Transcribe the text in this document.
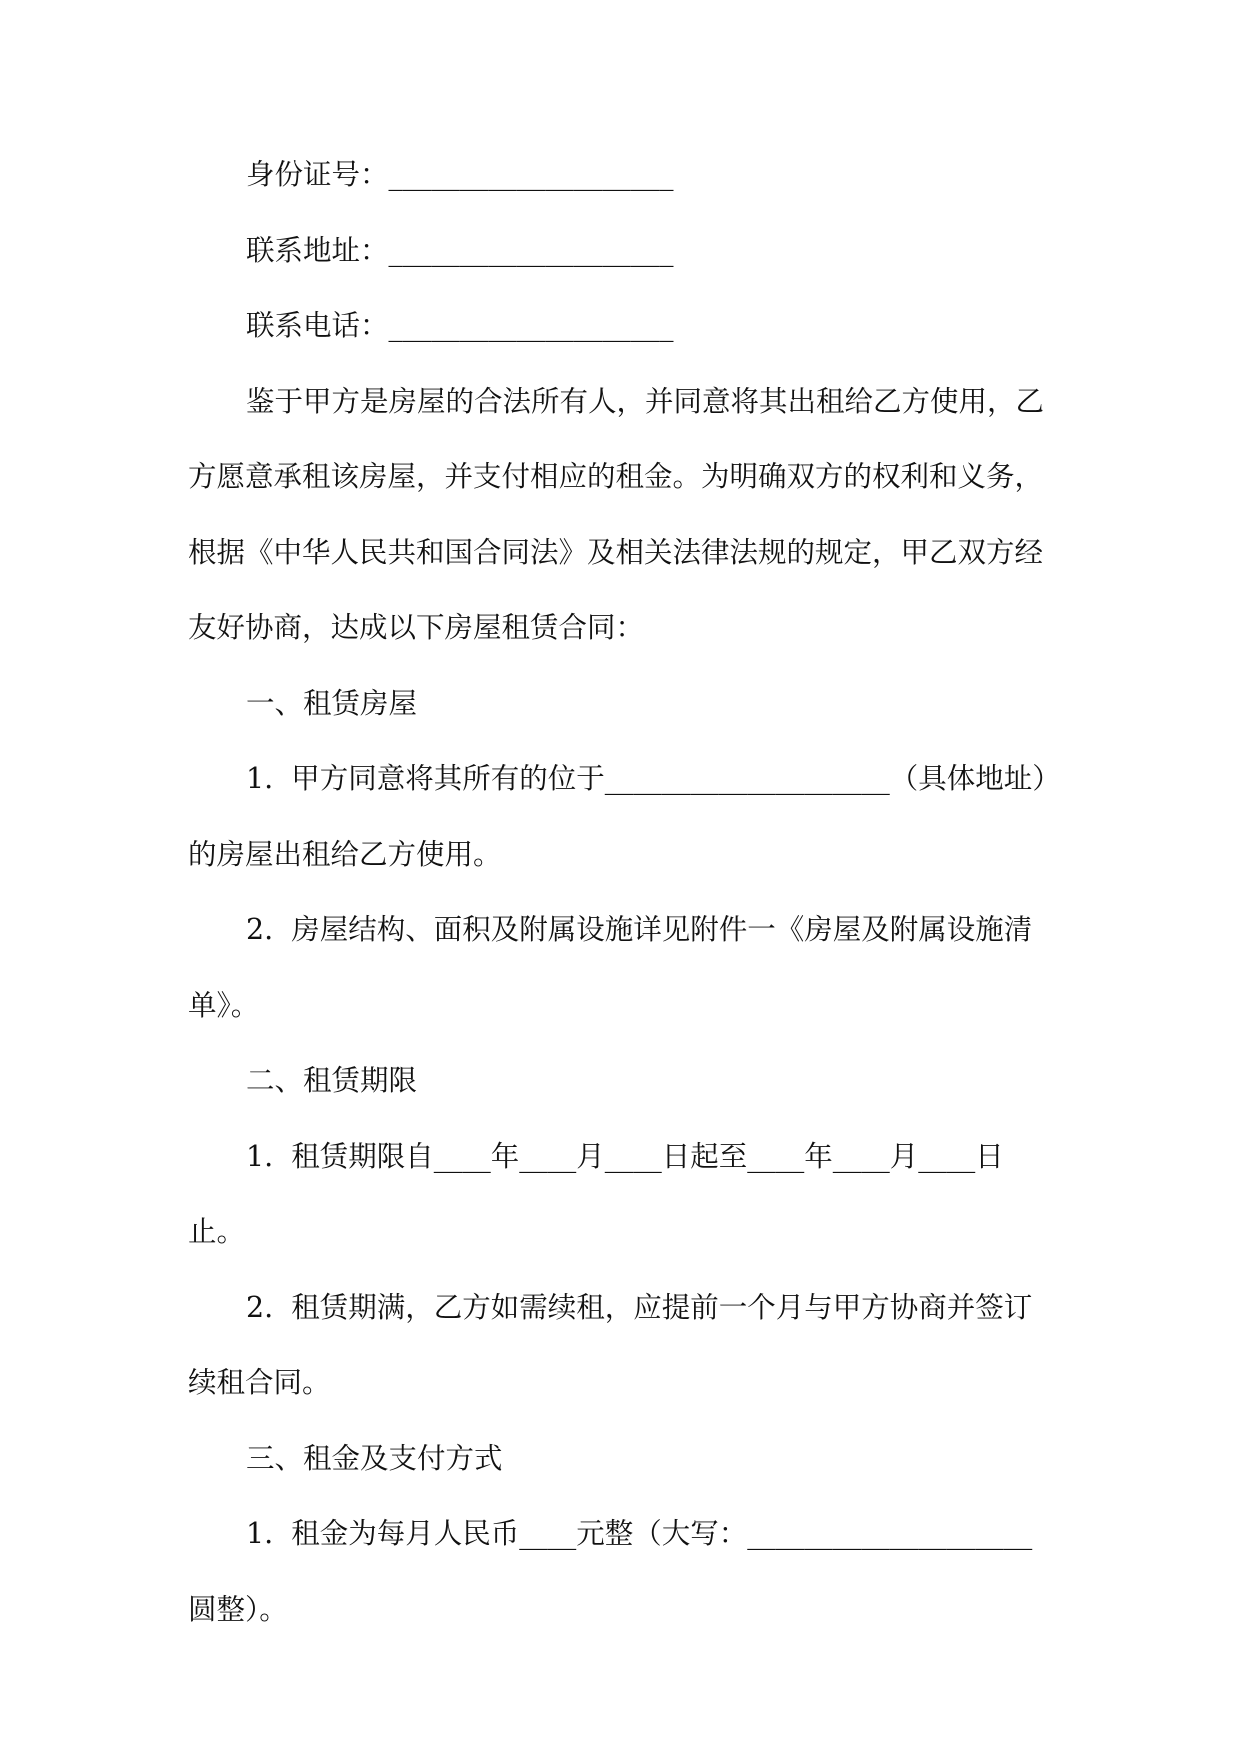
身份证号：____________________

联系地址：____________________

联系电话：____________________

鉴于甲方是房屋的合法所有人，并同意将其出租给乙方使用，乙方愿意承租该房屋，并支付相应的租金。为明确双方的权利和义务，根据《中华人民共和国合同法》及相关法律法规的规定，甲乙双方经友好协商，达成以下房屋租赁合同：

一、租赁房屋

1.  甲方同意将其所有的位于____________________（具体地址）的房屋出租给乙方使用。

2.  房屋结构、面积及附属设施详见附件一《房屋及附属设施清单》。

二、租赁期限

1.  租赁期限自____年____月____日起至____年____月____日止。

2.  租赁期满，乙方如需续租，应提前一个月与甲方协商并签订续租合同。

三、租金及支付方式

1.  租金为每月人民币____元整（大写：____________________圆整）。
